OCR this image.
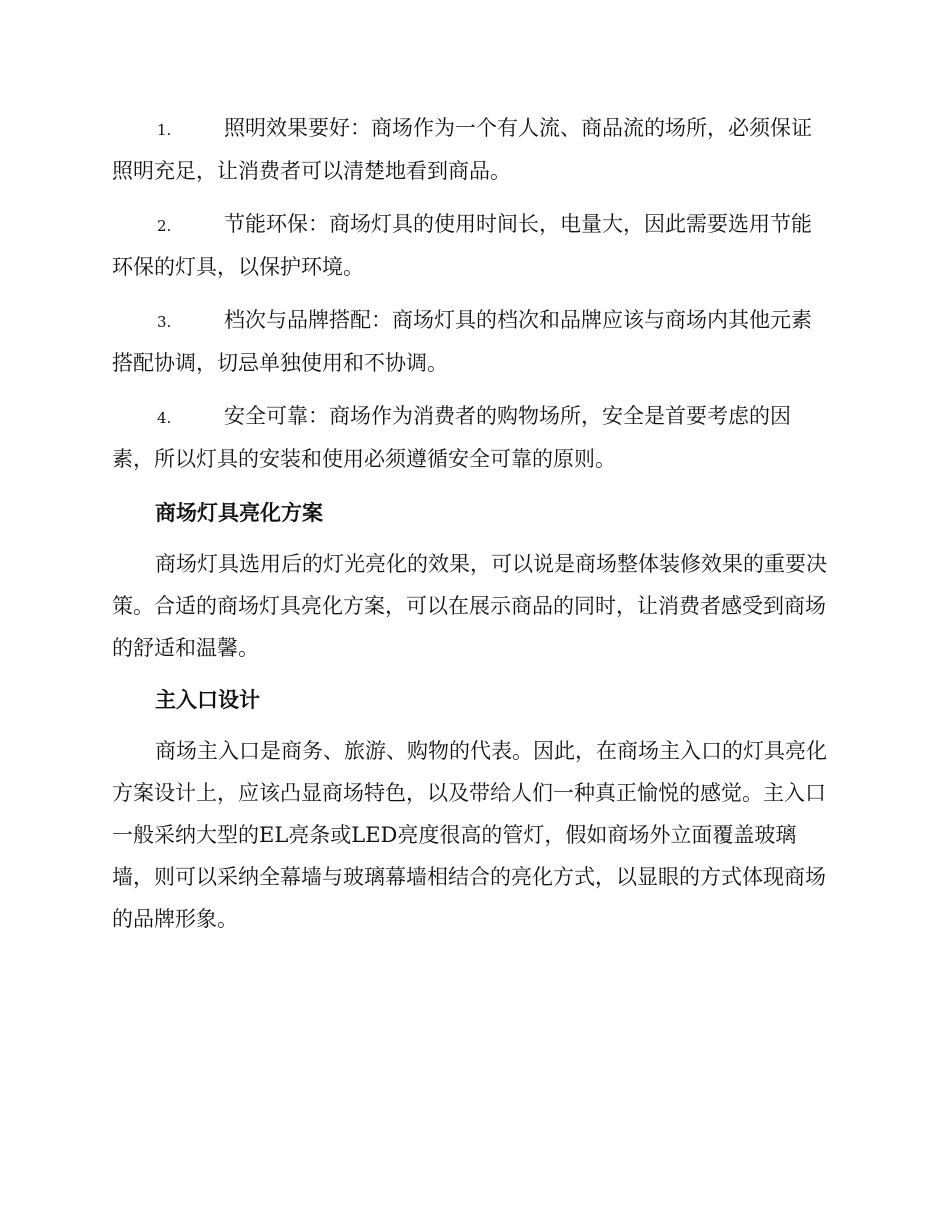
1.	照明效果要好：商场作为一个有人流、商品流的场所，必须保证照明充足，让消费者可以清楚地看到商品。
2.	节能环保：商场灯具的使用时间长，电量大，因此需要选用节能环保的灯具，以保护环境。
3.	档次与品牌搭配：商场灯具的档次和品牌应该与商场内其他元素搭配协调，切忌单独使用和不协调。
4.	安全可靠：商场作为消费者的购物场所，安全是首要考虑的因素，所以灯具的安装和使用必须遵循安全可靠的原则。
商场灯具亮化方案

商场灯具选用后的灯光亮化的效果，可以说是商场整体装修效果的重要决策。合适的商场灯具亮化方案，可以在展示商品的同时，让消费者感受到商场的舒适和温馨。

主入口设计

商场主入口是商务、旅游、购物的代表。因此，在商场主入口的灯具亮化方案设计上，应该凸显商场特色，以及带给人们一种真正愉悦的感觉。主入口一般采纳大型的EL亮条或LED亮度很高的管灯，假如商场外立面覆盖玻璃墙，则可以采纳全幕墙与玻璃幕墙相结合的亮化方式，以显眼的方式体现商场的品牌形象。
